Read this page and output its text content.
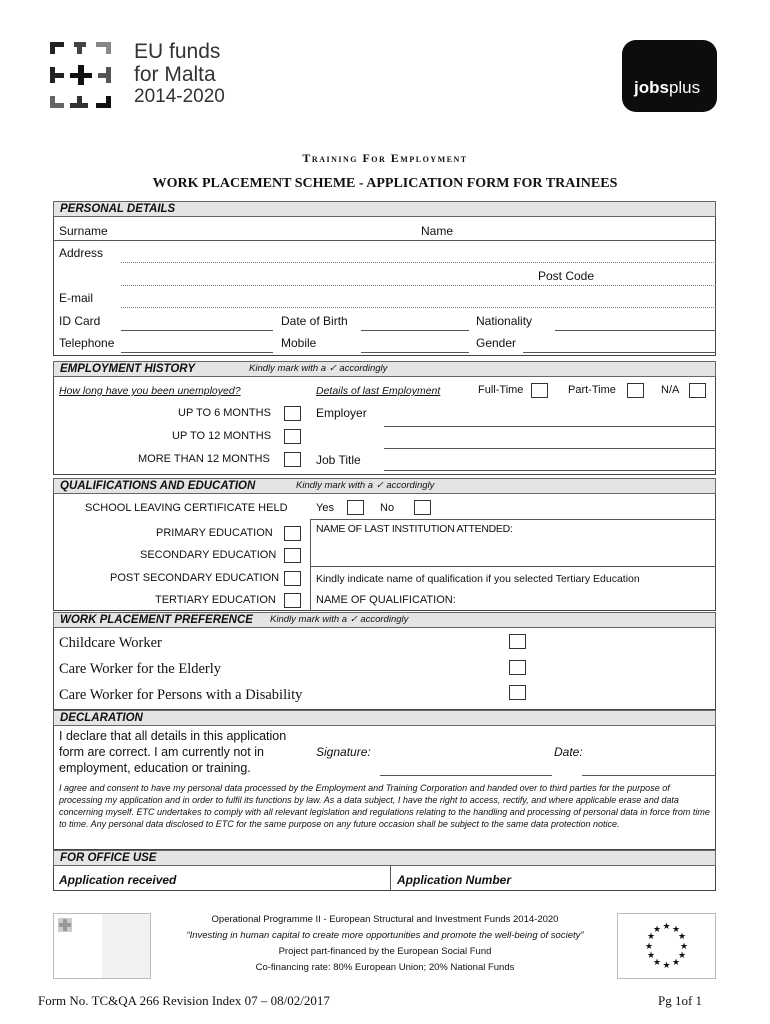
EU funds
for Malta
2014-2020	jobsplus
Training For Employment
WORK PLACEMENT SCHEME - APPLICATION FORM FOR TRAINEES
PERSONAL DETAILS
Surname	Name
Address
Post Code
E-mail
ID Card	Date of Birth	Nationality
Telephone	Mobile	Gender
EMPLOYMENT HISTORY	Kindly mark with a ✓ accordingly
How long have you been unemployed?	Details of last Employment	Full-Time	Part-Time	N/A
UP TO 6 MONTHS
UP TO 12 MONTHS
MORE THAN 12 MONTHS
Employer
Job Title
QUALIFICATIONS AND EDUCATION	Kindly mark with a ✓ accordingly
SCHOOL LEAVING CERTIFICATE HELD	Yes	No
PRIMARY EDUCATION
SECONDARY EDUCATION
POST SECONDARY EDUCATION
TERTIARY EDUCATION
NAME OF LAST INSTITUTION ATTENDED:
Kindly indicate name of qualification if you selected Tertiary Education
NAME OF QUALIFICATION:
WORK PLACEMENT PREFERENCE Kindly mark with a ✓ accordingly
Childcare Worker
Care Worker for the Elderly
Care Worker for Persons with a Disability
DECLARATION
I declare that all details in this application
form are correct. I am currently not in
employment, education or training.
Signature:	Date:
I agree and consent to have my personal data processed by the Employment and Training Corporation and handed over to third parties for the purpose of processing my application and in order to fulfil its functions by law. As a data subject, I have the right to access, rectify, and where applicable erase and data concerning myself. ETC undertakes to comply with all relevant legislation and regulations relating to the handling and processing of personal data in force from time to time. Any personal data disclosed to ETC for the same purpose on any future occasion shall be subject to the same data protection notice.
FOR OFFICE USE
Application received	Application Number
Operational Programme II - European Structural and Investment Funds 2014-2020
“Investing in human capital to create more opportunities and promote the well-being of society”
Project part-financed by the European Social Fund
Co-financing rate: 80% European Union; 20% National Funds
★ ★
★
★
★
★
★
★
★
★
★
★
Form No. TC&QA 266 Revision Index 07 – 08/02/2017	Pg 1of 1
